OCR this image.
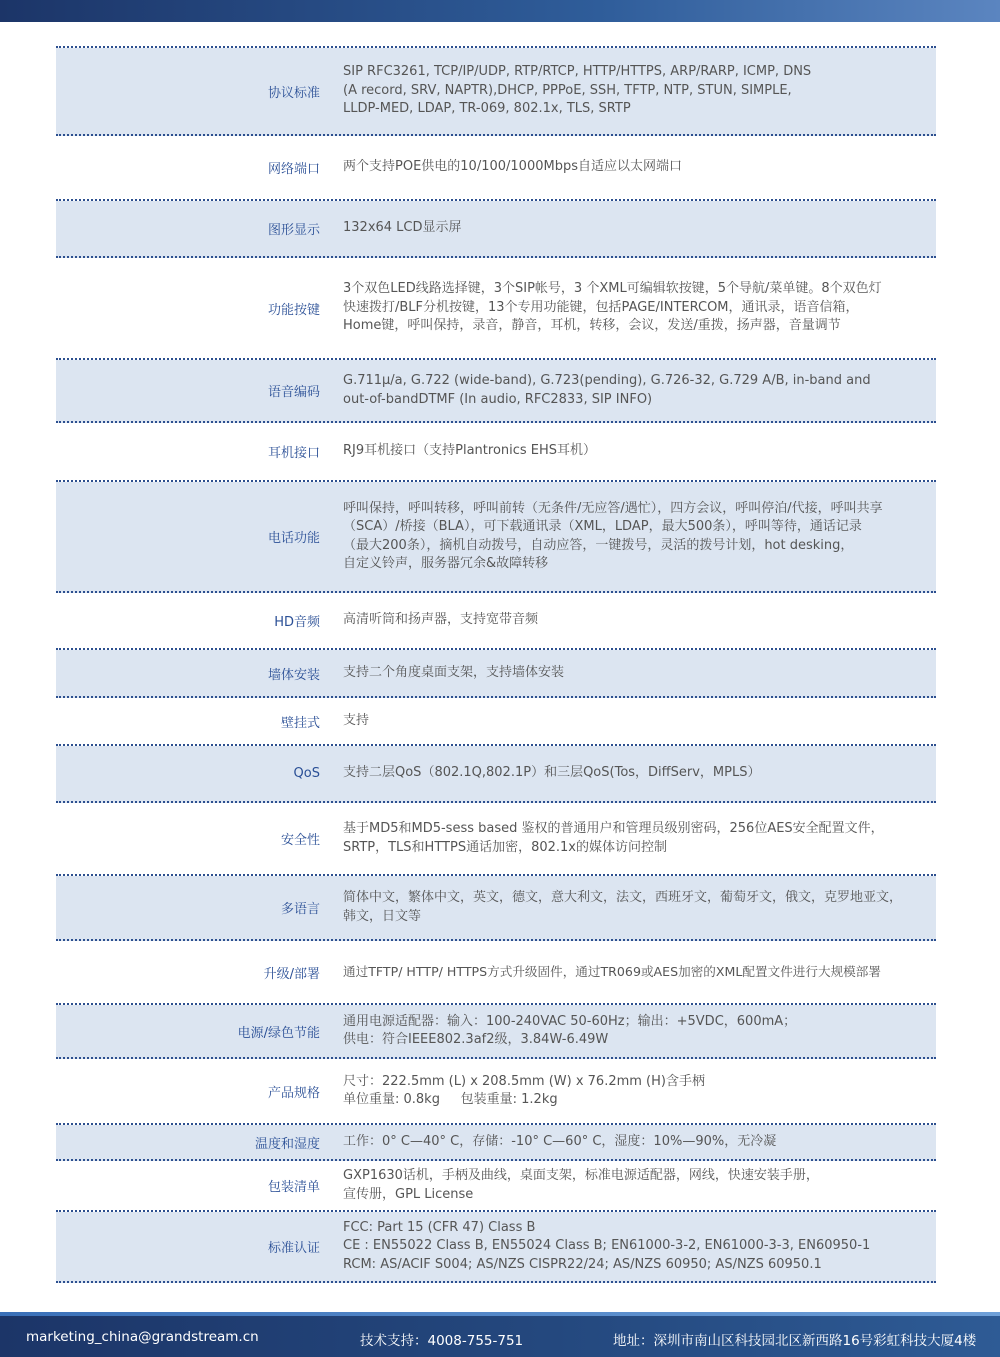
协议标准
SIP RFC3261, TCP/IP/UDP, RTP/RTCP, HTTP/HTTPS, ARP/RARP, ICMP, DNS
(A record, SRV, NAPTR),DHCP, PPPoE, SSH, TFTP, NTP, STUN, SIMPLE,
LLDP-MED, LDAP, TR-069, 802.1x, TLS, SRTP
网络端口 两个支持POE供电的10/100/1000Mbps自适应以太网端口
图形显示 132x64 LCD显示屏
功能按键
3个双色LED线路选择键，3个SIP帐号，3 个XML可编辑软按键，5个导航/菜单键。8个双色灯
快速拨打/BLF分机按键，13个专用功能键，包括PAGE/INTERCOM，通讯录，语音信箱，
Home键，呼叫保持，录音，静音，耳机，转移，会议，发送/重拨，扬声器，音量调节
语音编码
G.711μ/a, G.722 (wide-band), G.723(pending), G.726-32, G.729 A/B, in-band and
out-of-bandDTMF (In audio, RFC2833, SIP INFO)
耳机接口 RJ9耳机接口（支持Plantronics EHS耳机）
电话功能
呼叫保持，呼叫转移，呼叫前转（无条件/无应答/遇忙），四方会议，呼叫停泊/代接，呼叫共享
（SCA）/桥接（BLA），可下载通讯录（XML，LDAP，最大500条），呼叫等待，通话记录
（最大200条），摘机自动拨号，自动应答，一键拨号，灵活的拨号计划，hot desking，
自定义铃声，服务器冗余&故障转移
HD音频 高清听筒和扬声器，支持宽带音频
墙体安装 支持二个角度桌面支架，支持墙体安装
壁挂式 支持
QoS 支持二层QoS（802.1Q,802.1P）和三层QoS(Tos，DiffServ，MPLS）
安全性
基于MD5和MD5-sess based 鉴权的普通用户和管理员级别密码，256位AES安全配置文件，
SRTP，TLS和HTTPS通话加密，802.1x的媒体访问控制
多语言
简体中文，繁体中文，英文，德文，意大利文，法文，西班牙文，葡萄牙文，俄文，克罗地亚文，
韩文，日文等
升级/部署 通过TFTP/ HTTP/ HTTPS方式升级固件，通过TR069或AES加密的XML配置文件进行大规模部署
电源/绿色节能
通用电源适配器：输入：100-240VAC 50-60Hz；输出：+5VDC，600mA；
供电：符合IEEE802.3af2级，3.84W-6.49W
产品规格
尺寸：222.5mm (L) x 208.5mm (W) x 76.2mm (H)含手柄
单位重量: 0.8kg     包装重量: 1.2kg
温度和湿度 工作：0° C—40° C，存储：-10° C—60° C，湿度：10%—90%，无冷凝
包装清单
GXP1630话机，手柄及曲线，桌面支架，标准电源适配器，网线，快速安装手册，
宣传册，GPL License
标准认证
FCC: Part 15 (CFR 47) Class B
CE : EN55022 Class B, EN55024 Class B; EN61000-3-2, EN61000-3-3, EN60950-1
RCM: AS/ACIF S004; AS/NZS CISPR22/24; AS/NZS 60950; AS/NZS 60950.1
marketing_china@grandstream.cn	技术支持：4008-755-751	地址：深圳市南山区科技园北区新西路16号彩虹科技大厦4楼
